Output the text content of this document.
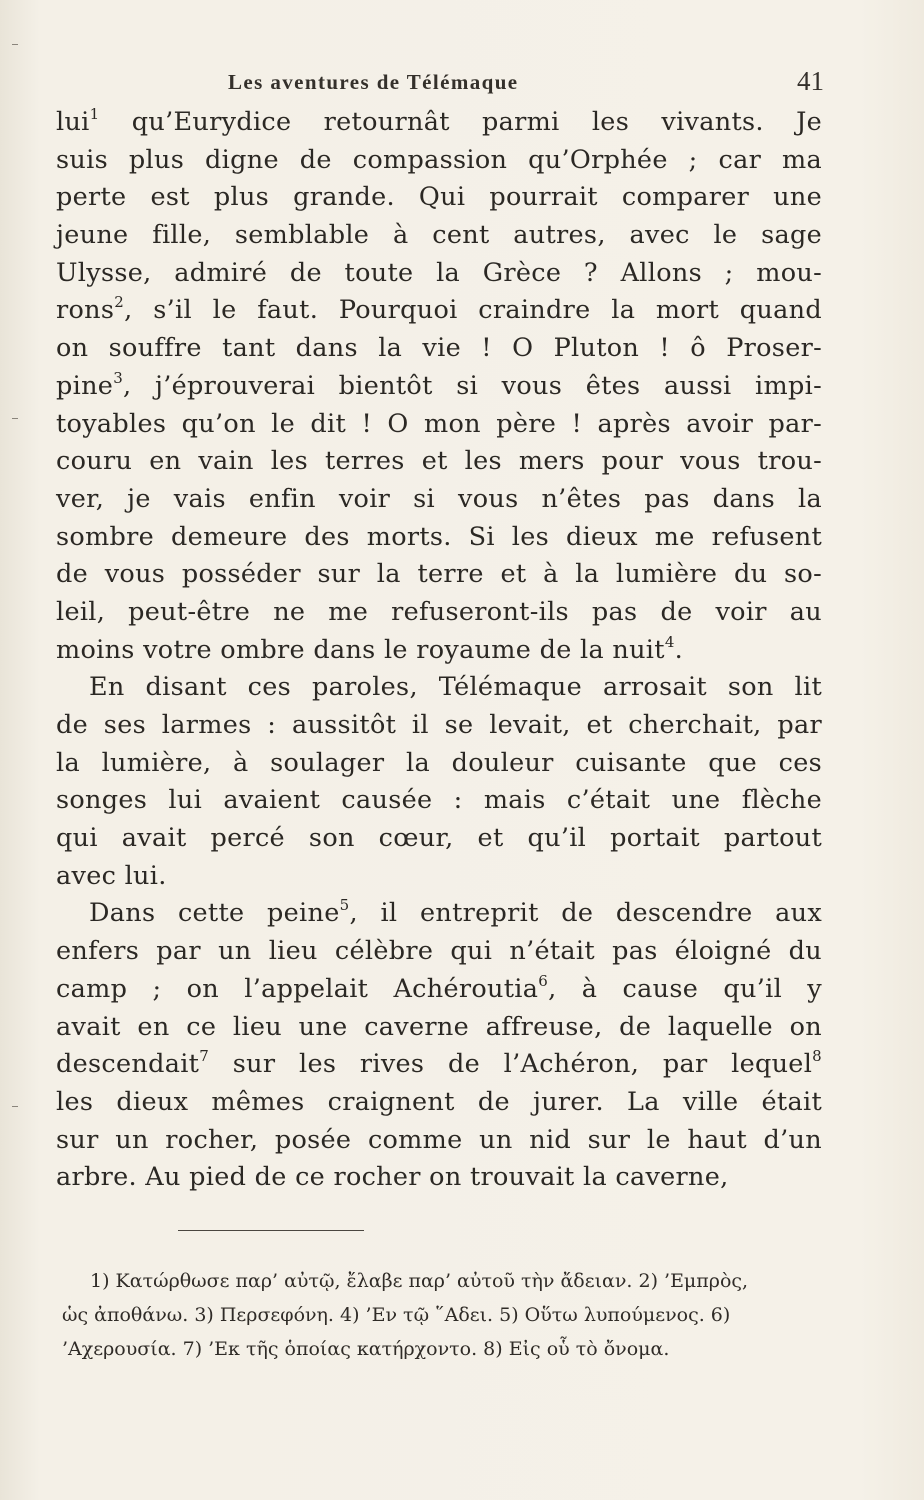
Les aventures de Télémaque	41
lui$^1$ qu’Eurydice retournât parmi les vivants. Je
suis plus digne de compassion qu’Orphée ; car ma
perte est plus grande. Qui pourrait comparer une
jeune fille, semblable à cent autres, avec le sage
Ulysse, admiré de toute la Grèce ? Allons ; mou-
rons$^2$, s’il le faut. Pourquoi craindre la mort quand
on souffre tant dans la vie ! O Pluton ! ô Proser-
pine$^3$, j’éprouverai bientôt si vous êtes aussi impi-
toyables qu’on le dit ! O mon père ! après avoir par-
couru en vain les terres et les mers pour vous trou-
ver, je vais enfin voir si vous n’êtes pas dans la
sombre demeure des morts. Si les dieux me refusent
de vous posséder sur la terre et à la lumière du so-
leil, peut-être ne me refuseront-ils pas de voir au
moins votre ombre dans le royaume de la nuit$^4$.
En disant ces paroles, Télémaque arrosait son lit
de ses larmes : aussitôt il se levait, et cherchait, par
la lumière, à soulager la douleur cuisante que ces
songes lui avaient causée : mais c’était une flèche
qui avait percé son cœur, et qu’il portait partout
avec lui.
Dans cette peine$^5$, il entreprit de descendre aux
enfers par un lieu célèbre qui n’était pas éloigné du
camp ; on l’appelait Achéroutia$^6$, à cause qu’il y
avait en ce lieu une caverne affreuse, de laquelle on
descendait$^7$ sur les rives de l’Achéron, par lequel$^8$
les dieux mêmes craignent de jurer. La ville était
sur un rocher, posée comme un nid sur le haut d’un
arbre. Au pied de ce rocher on trouvait la caverne,
1) Κατώρθωσε παρ’ αὐτῷ, ἔλαβε παρ’ αὐτοῦ τὴν ἄδειαν. 2) ’Εμπρὸς,
ὡς ἀποθάνω. 3) Περσεφόνη. 4) ’Εν τῷ ῞Αδει. 5) Οὕτω λυπούμενος. 6)
’Αχερουσία. 7) ’Εκ τῆς ὁποίας κατήρχοντο. 8) Εἰς οὗ τὸ ὄνομα.
